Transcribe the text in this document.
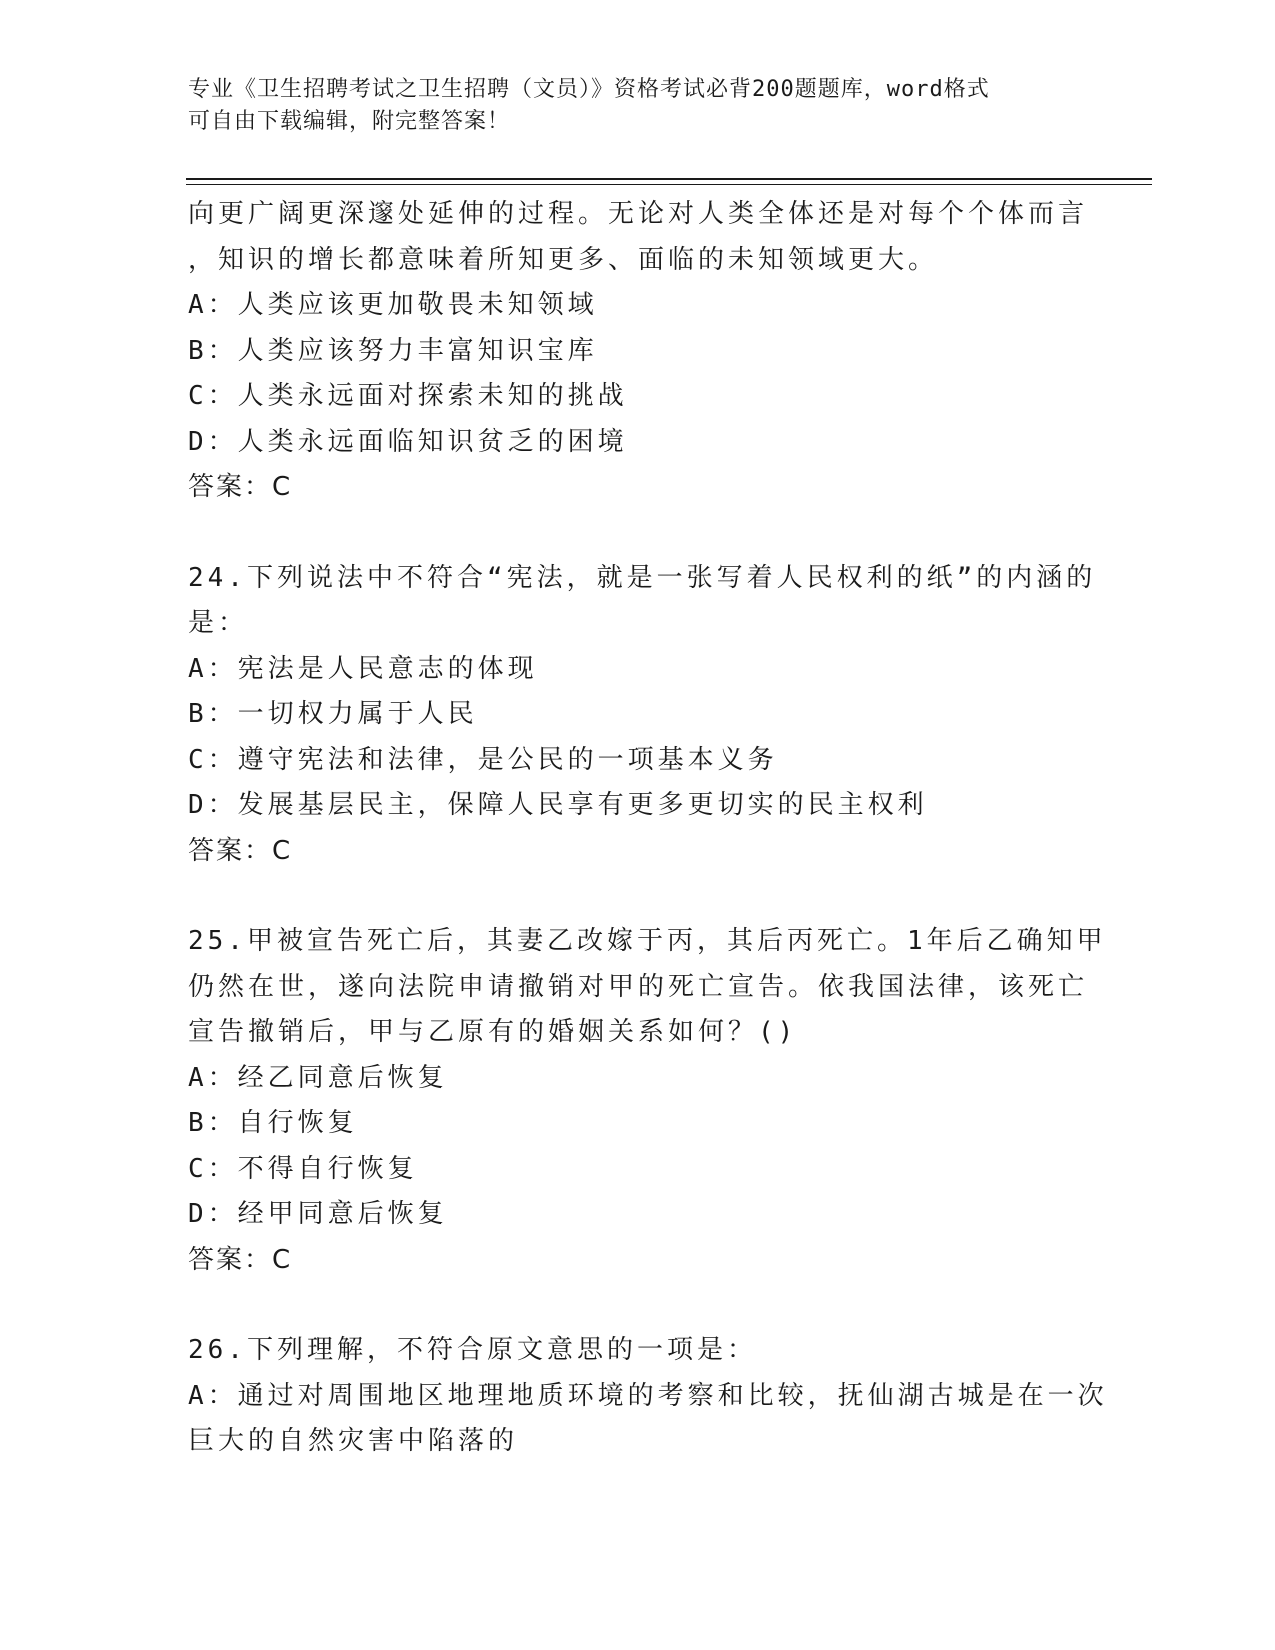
专业《卫生招聘考试之卫生招聘（文员）》资格考试必背200题题库，word格式
可自由下载编辑，附完整答案！
向更广阔更深邃处延伸的过程。无论对人类全体还是对每个个体而言
，知识的增长都意味着所知更多、面临的未知领域更大。
A：人类应该更加敬畏未知领域
B：人类应该努力丰富知识宝库
C：人类永远面对探索未知的挑战
D：人类永远面临知识贫乏的困境
答案：C
24.下列说法中不符合“宪法，就是一张写着人民权利的纸”的内涵的
是：
A：宪法是人民意志的体现
B：一切权力属于人民
C：遵守宪法和法律，是公民的一项基本义务
D：发展基层民主，保障人民享有更多更切实的民主权利
答案：C
25.甲被宣告死亡后，其妻乙改嫁于丙，其后丙死亡。1年后乙确知甲
仍然在世，遂向法院申请撤销对甲的死亡宣告。依我国法律，该死亡
宣告撤销后，甲与乙原有的婚姻关系如何？()
A：经乙同意后恢复
B：自行恢复
C：不得自行恢复
D：经甲同意后恢复
答案：C
26.下列理解，不符合原文意思的一项是：
A：通过对周围地区地理地质环境的考察和比较，抚仙湖古城是在一次
巨大的自然灾害中陷落的
